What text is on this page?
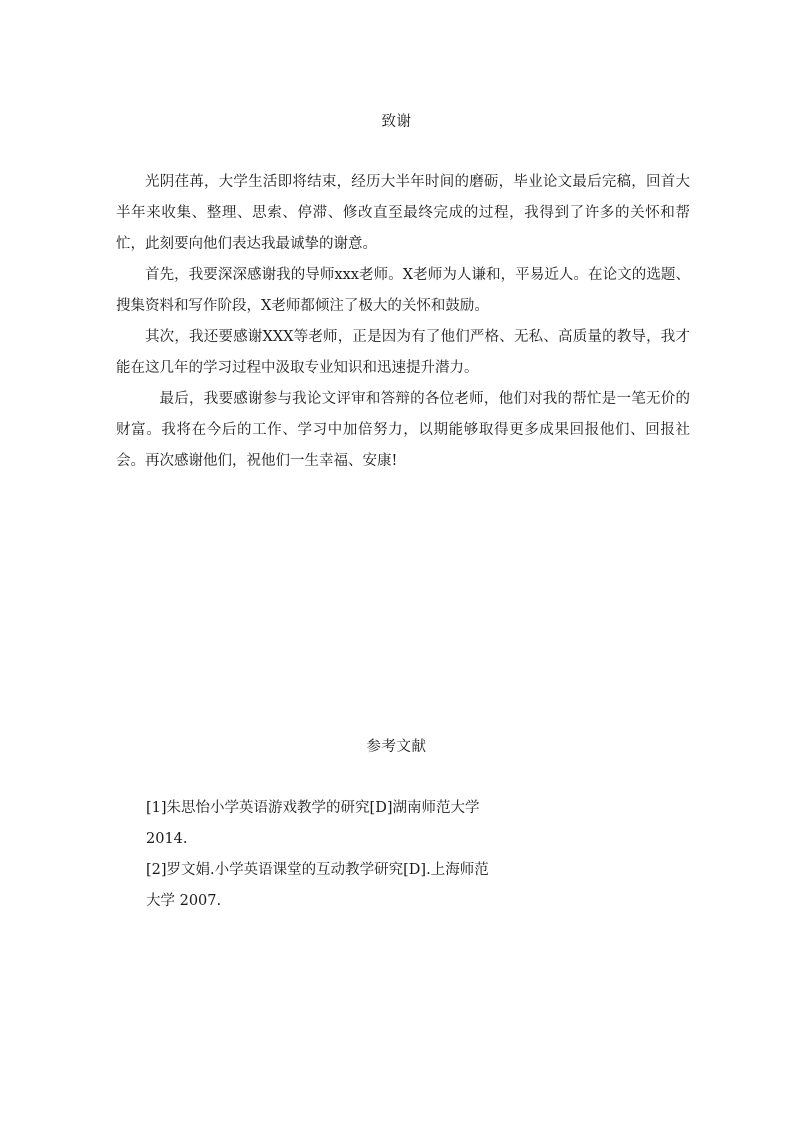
致谢

光阴荏苒，大学生活即将结束，经历大半年时间的磨砺，毕业论文最后完稿，回首大半年来收集、整理、思索、停滞、修改直至最终完成的过程，我得到了许多的关怀和帮忙，此刻要向他们表达我最诚挚的谢意。

首先，我要深深感谢我的导师xxx老师。X老师为人谦和，平易近人。在论文的选题、搜集资料和写作阶段，X老师都倾注了极大的关怀和鼓励。

其次，我还要感谢XXX等老师，正是因为有了他们严格、无私、高质量的教导，我才能在这几年的学习过程中汲取专业知识和迅速提升潜力。

最后，我要感谢参与我论文评审和答辩的各位老师，他们对我的帮忙是一笔无价的财富。我将在今后的工作、学习中加倍努力，以期能够取得更多成果回报他们、回报社会。再次感谢他们，祝他们一生幸福、安康!

参考文献
[1]朱思怡小学英语游戏教学的研究[D]湖南师范大学
2014.
[2]罗文娟.小学英语课堂的互动教学研究[D].上海师范
大学 2007.
